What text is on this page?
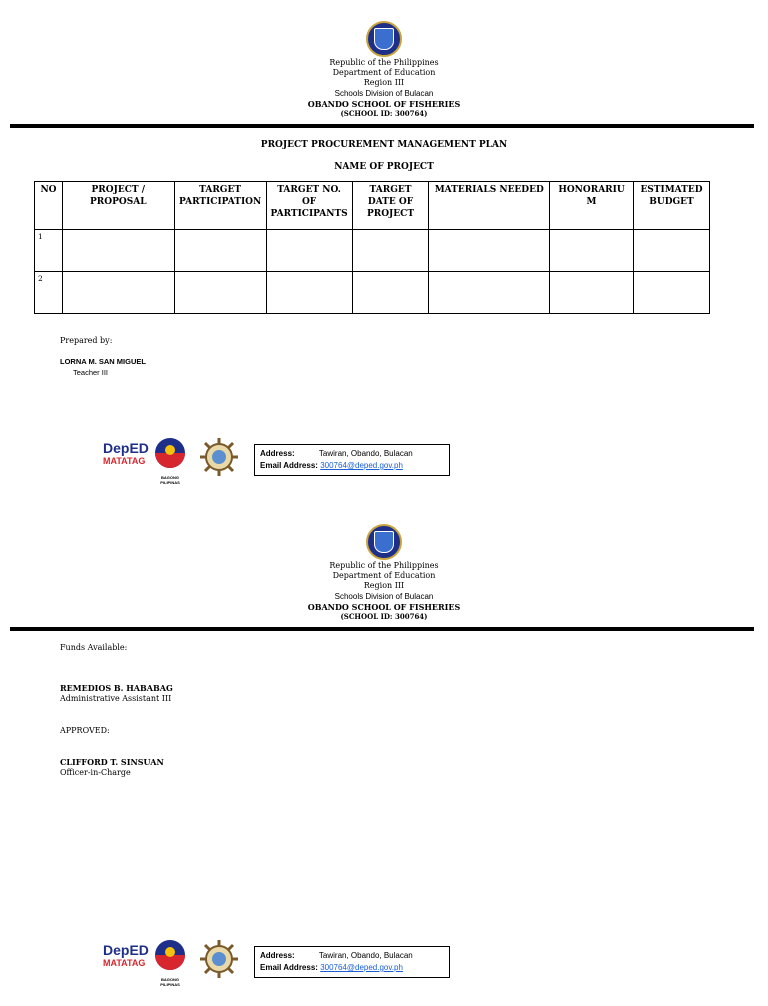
Republic of the Philippines
Department of Education
Region III
Schools Division of Bulacan
OBANDO SCHOOL OF FISHERIES
(SCHOOL ID: 300764)
PROJECT PROCUREMENT MANAGEMENT PLAN
NAME OF PROJECT
NO	PROJECT / PROPOSAL	TARGET PARTICIPATION	TARGET NO. OF PARTICIPANTS	TARGET DATE OF PROJECT	MATERIALS NEEDED	HONORARIU M	ESTIMATED BUDGET
1							
2							
Prepared by:
LORNA M. SAN MIGUEL
Teacher III
DepED
MATATAG
BAGONG PILIPINAS
Address:	Tawiran, Obando, Bulacan
Email Address: 300764@deped.gov.ph
Republic of the Philippines
Department of Education
Region III
Schools Division of Bulacan
OBANDO SCHOOL OF FISHERIES
(SCHOOL ID: 300764)
Funds Available:
REMEDIOS B. HABABAG
Administrative Assistant III
APPROVED:
CLIFFORD T. SINSUAN
Officer-in-Charge
DepED
MATATAG
BAGONG PILIPINAS
Address:	Tawiran, Obando, Bulacan
Email Address: 300764@deped.gov.ph
